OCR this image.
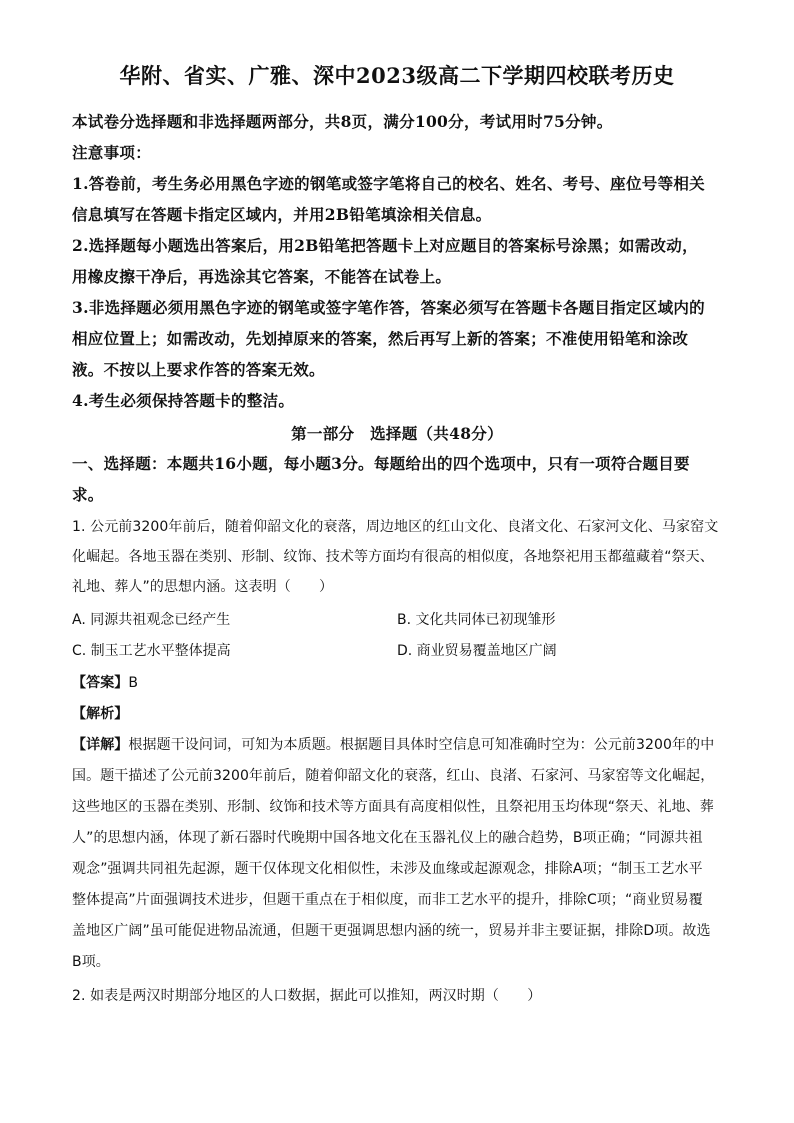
华附、省实、广雅、深中2023级高二下学期四校联考历史
本试卷分选择题和非选择题两部分，共8页，满分100分，考试用时75分钟。
注意事项：
1.答卷前，考生务必用黑色字迹的钢笔或签字笔将自己的校名、姓名、考号、座位号等相关
信息填写在答题卡指定区域内，并用2B铅笔填涂相关信息。
2.选择题每小题选出答案后，用2B铅笔把答题卡上对应题目的答案标号涂黑；如需改动，
用橡皮擦干净后，再选涂其它答案，不能答在试卷上。
3.非选择题必须用黑色字迹的钢笔或签字笔作答，答案必须写在答题卡各题目指定区域内的
相应位置上；如需改动，先划掉原来的答案，然后再写上新的答案；不准使用铅笔和涂改
液。不按以上要求作答的答案无效。
4.考生必须保持答题卡的整洁。
第一部分　选择题（共48分）
一、选择题：本题共16小题，每小题3分。每题给出的四个选项中，只有一项符合题目要
求。
1. 公元前3200年前后，随着仰韶文化的衰落，周边地区的红山文化、良渚文化、石家河文化、马家窑文
化崛起。各地玉器在类别、形制、纹饰、技术等方面均有很高的相似度，各地祭祀用玉都蕴藏着“祭天、
礼地、葬人”的思想内涵。这表明（　　）
A. 同源共祖观念已经产生	B. 文化共同体已初现雏形
C. 制玉工艺水平整体提高	D. 商业贸易覆盖地区广阔
【答案】B
【解析】
【详解】根据题干设问词，可知为本质题。根据题目具体时空信息可知准确时空为：公元前3200年的中
国。题干描述了公元前3200年前后，随着仰韶文化的衰落，红山、良渚、石家河、马家窑等文化崛起，
这些地区的玉器在类别、形制、纹饰和技术等方面具有高度相似性，且祭祀用玉均体现“祭天、礼地、葬
人”的思想内涵，体现了新石器时代晚期中国各地文化在玉器礼仪上的融合趋势，B项正确；“同源共祖
观念”强调共同祖先起源，题干仅体现文化相似性，未涉及血缘或起源观念，排除A项；“制玉工艺水平
整体提高”片面强调技术进步，但题干重点在于相似度，而非工艺水平的提升，排除C项；“商业贸易覆
盖地区广阔”虽可能促进物品流通，但题干更强调思想内涵的统一，贸易并非主要证据，排除D项。故选
B项。
2. 如表是两汉时期部分地区的人口数据，据此可以推知，两汉时期（　　）
